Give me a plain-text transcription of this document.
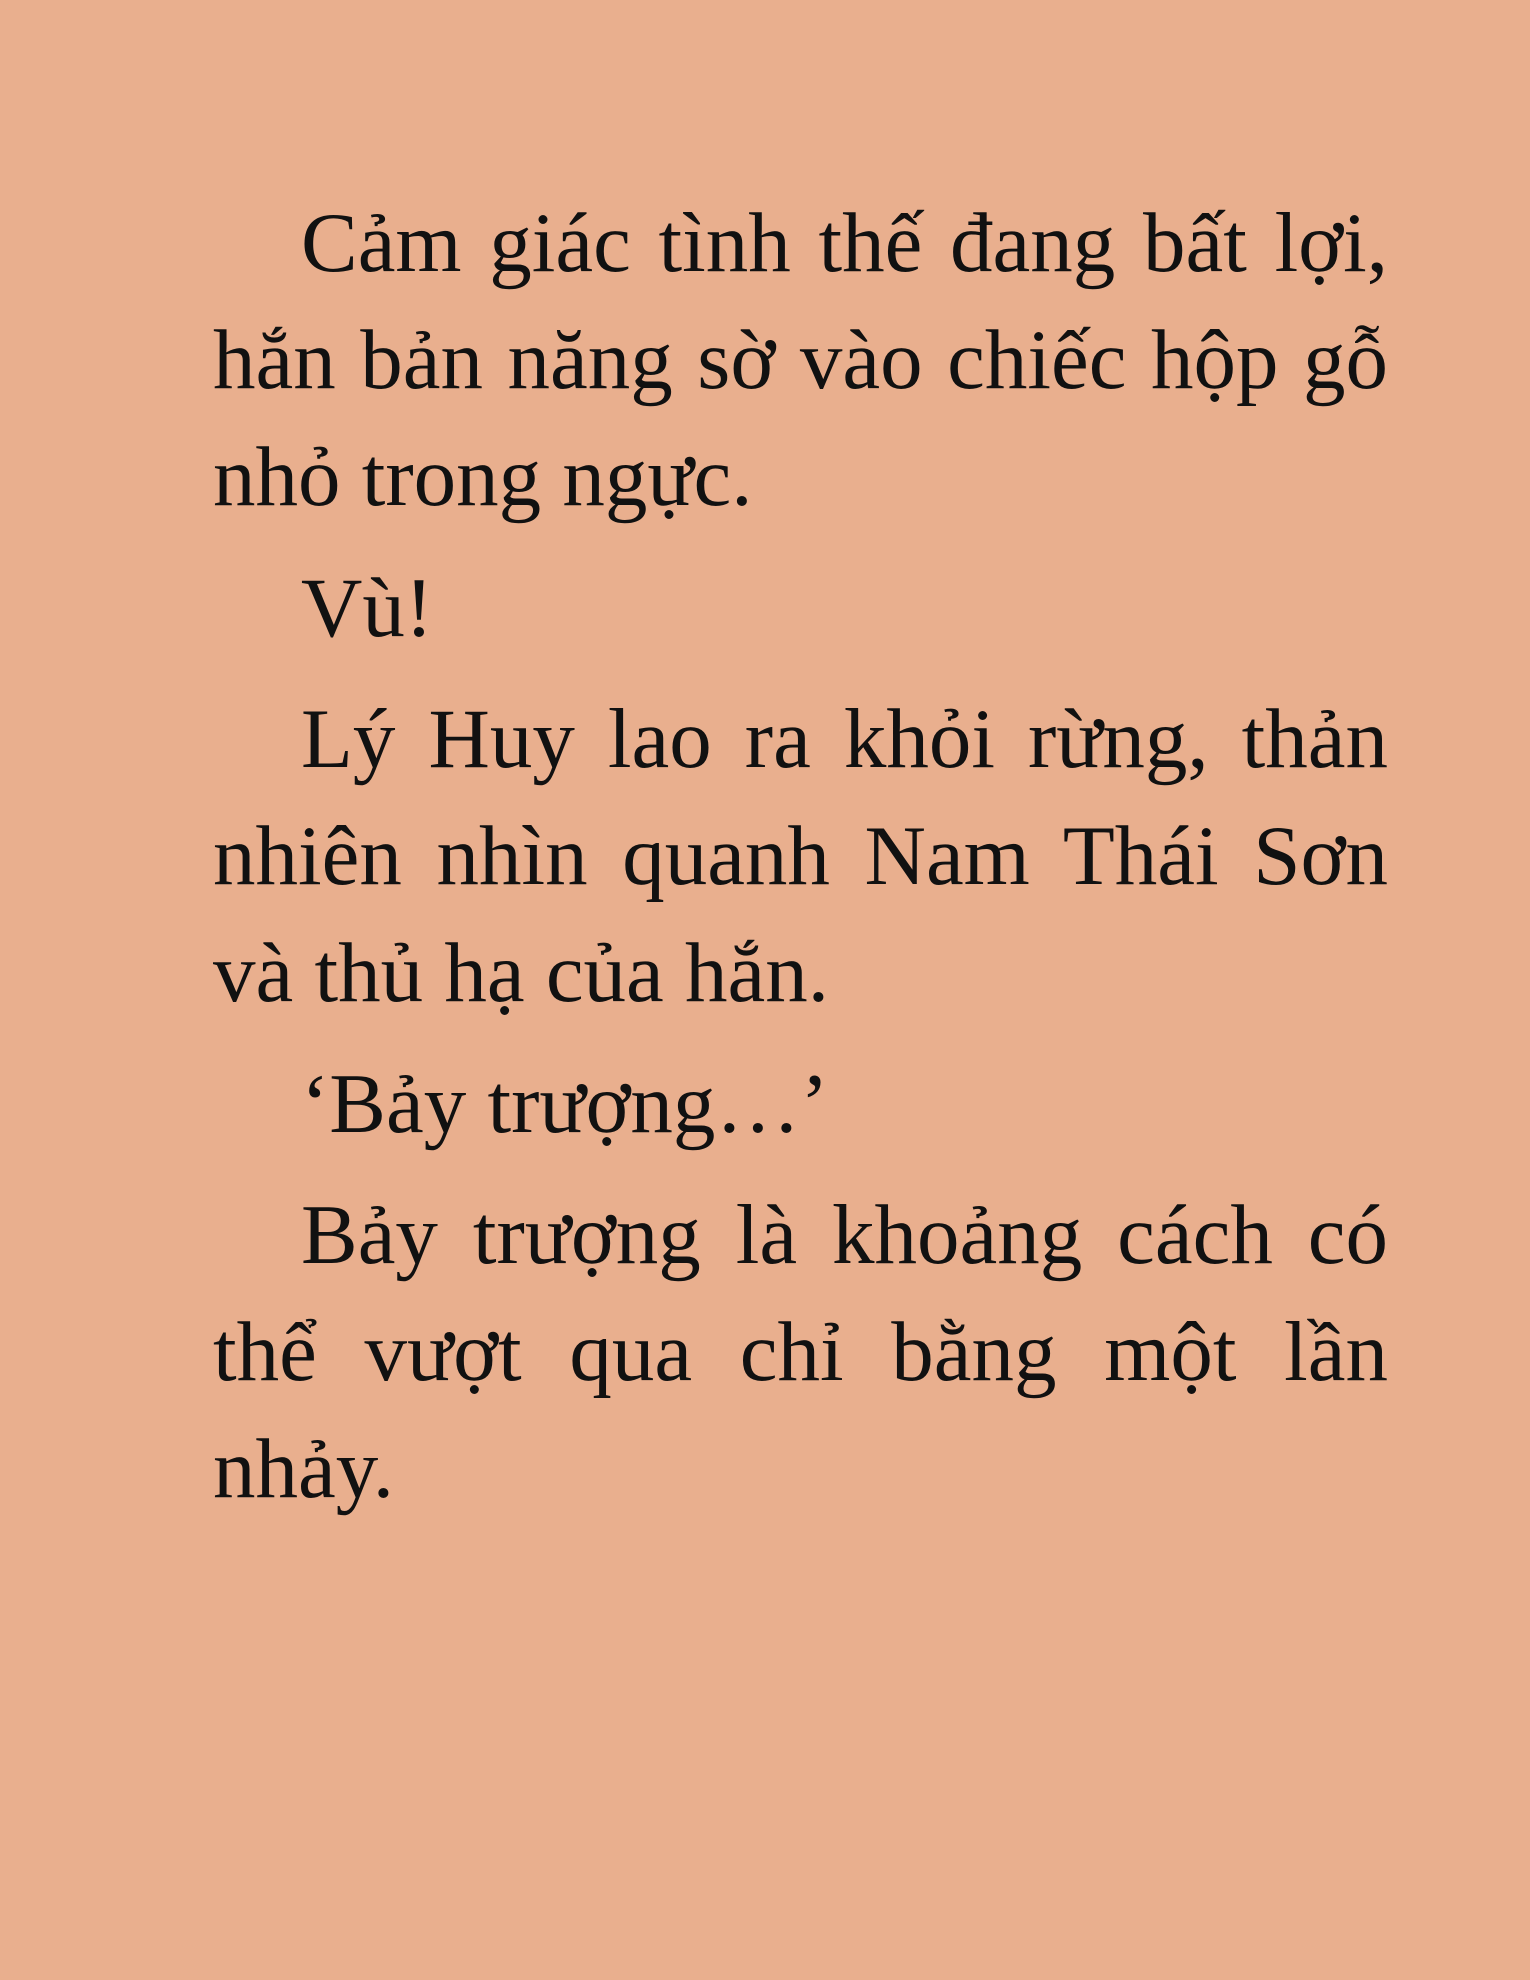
Cảm giác tình thế đang bất lợi, hắn bản năng sờ vào chiếc hộp gỗ nhỏ trong ngực.

Vù!

Lý Huy lao ra khỏi rừng, thản nhiên nhìn quanh Nam Thái Sơn và thủ hạ của hắn.

‘Bảy trượng…’

Bảy trượng là khoảng cách có thể vượt qua chỉ bằng một lần nhảy.
